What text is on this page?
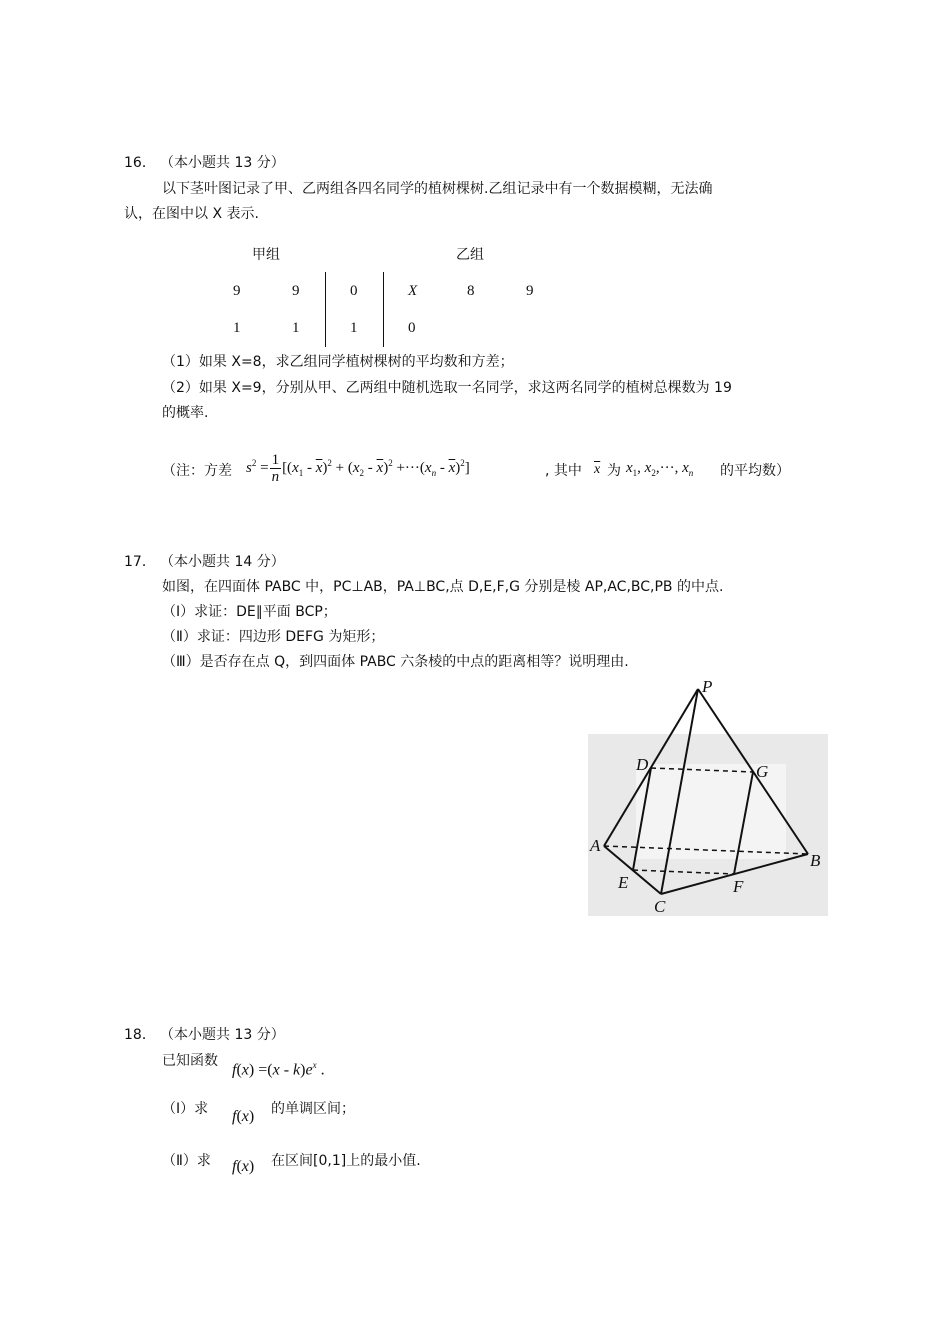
16． （本小题共 13 分）
以下茎叶图记录了甲、乙两组各四名同学的植树棵树.乙组记录中有一个数据模糊，无法确
认，在图中以 X 表示.
甲组	乙组
9	9	0	X	8	9
1	1	1	0
（1）如果 X=8，求乙组同学植树棵树的平均数和方差；
（2）如果 X=9，分别从甲、乙两组中随机选取一名同学，求这两名同学的植树总棵数为 19
的概率.
（注：方差 $s^2 = \frac{1}{n} [(x_1 - \overline{x})^2 + (x_2 - \overline{x})^2 +\cdot\cdot\cdot(x_n - \overline{x})^2]$	, 其中 $\overline{x}$ 为 $x_1$, $x_2,\cdot\cdot\cdot$, $x_n$ 的平均数）
17． （本小题共 14 分）
如图，在四面体 PABC 中，PC⊥AB，PA⊥BC,点 D,E,F,G 分别是棱 AP,AC,BC,PB 的中点.
（Ⅰ）求证：DE∥平面 BCP；
（Ⅱ）求证：四边形 DEFG 为矩形；
（Ⅲ）是否存在点 Q，到四面体 PABC 六条棱的中点的距离相等？说明理由.
P
D	G
A
B
E	F
C
18． （本小题共 13 分）
已知函数
$f(x) =(x - k)e^x$ .
（Ⅰ）求 f(x) 的单调区间；
（Ⅱ）求 f(x) 在区间[0,1]上的最小值.
